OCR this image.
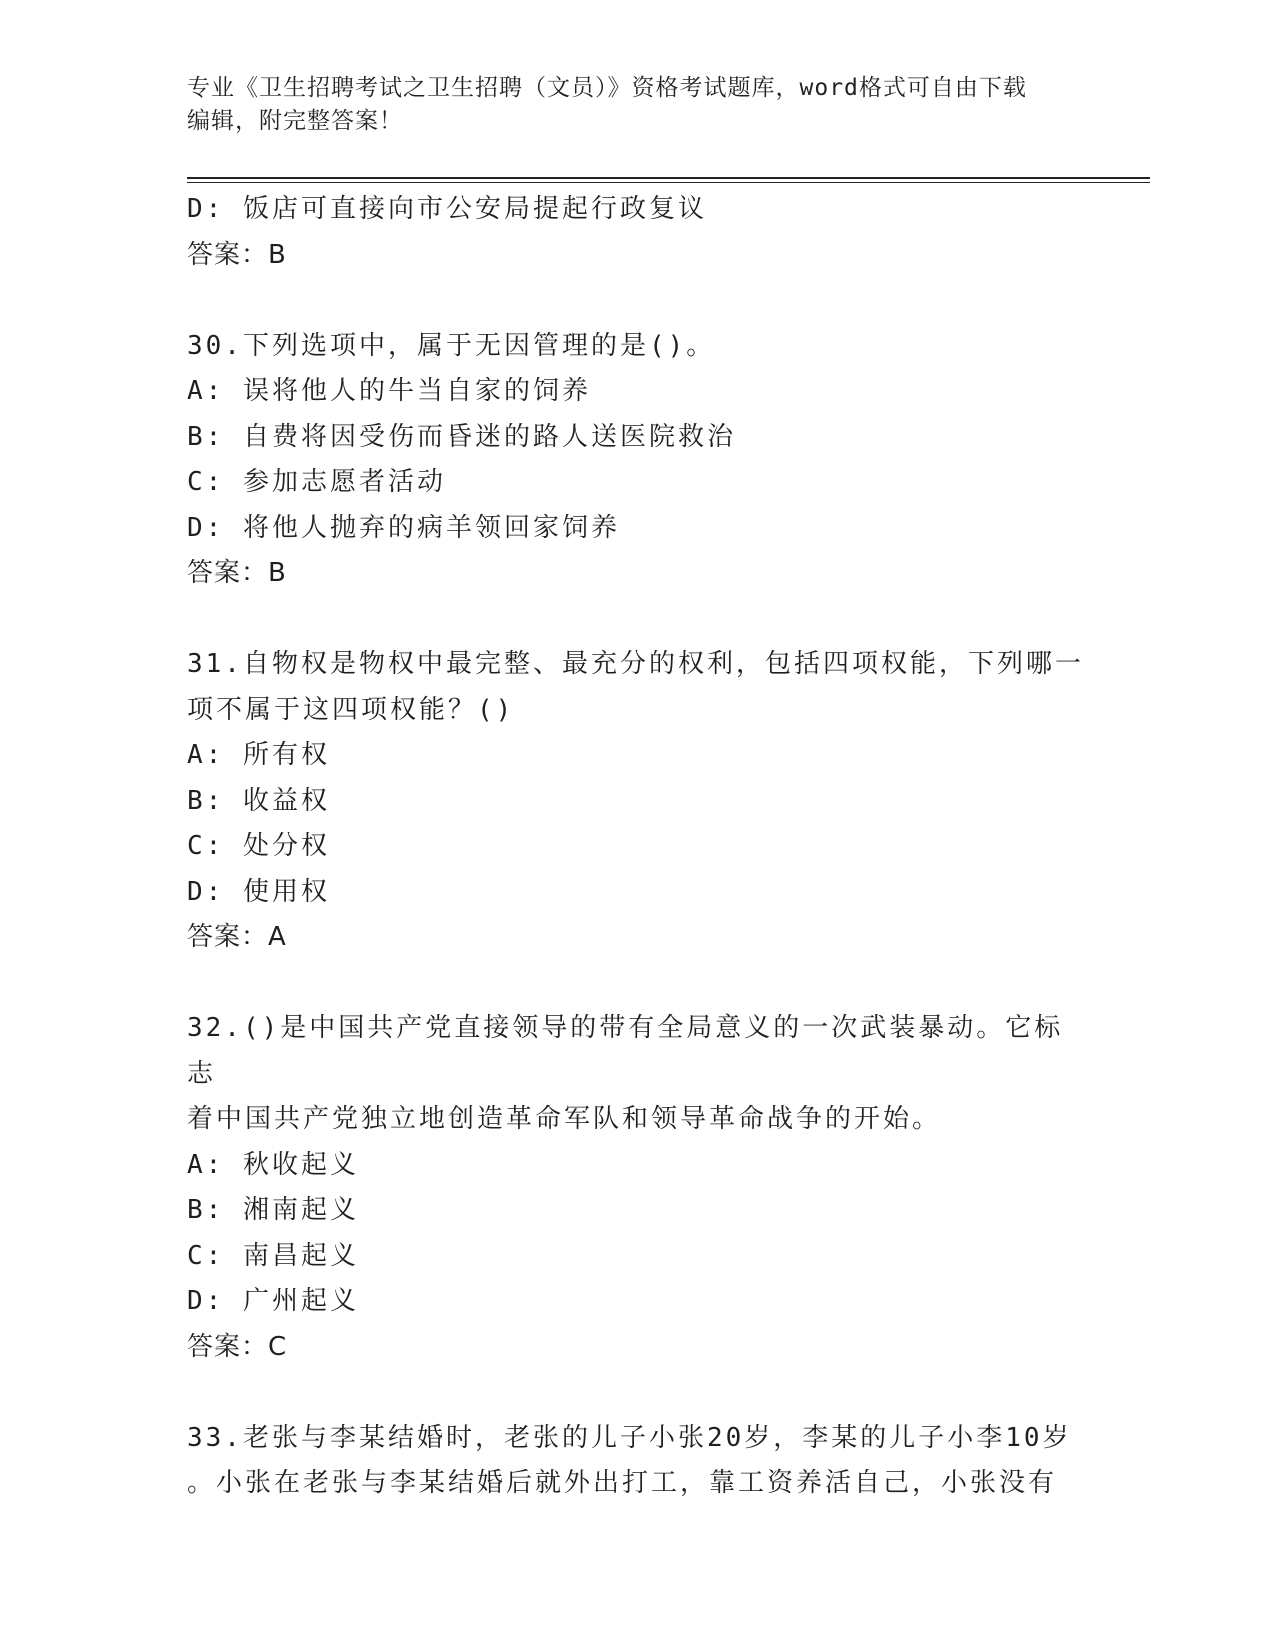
专业《卫生招聘考试之卫生招聘（文员）》资格考试题库，word格式可自由下载
编辑，附完整答案！
D: 饭店可直接向市公安局提起行政复议
答案：B
30.下列选项中，属于无因管理的是()。
A: 误将他人的牛当自家的饲养
B: 自费将因受伤而昏迷的路人送医院救治
C: 参加志愿者活动
D: 将他人抛弃的病羊领回家饲养
答案：B
31.自物权是物权中最完整、最充分的权利，包括四项权能，下列哪一
项不属于这四项权能？()
A: 所有权
B: 收益权
C: 处分权
D: 使用权
答案：A
32.()是中国共产党直接领导的带有全局意义的一次武装暴动。它标志
着中国共产党独立地创造革命军队和领导革命战争的开始。
A: 秋收起义
B: 湘南起义
C: 南昌起义
D: 广州起义
答案：C
33.老张与李某结婚时，老张的儿子小张20岁，李某的儿子小李10岁
。小张在老张与李某结婚后就外出打工，靠工资养活自己，小张没有
